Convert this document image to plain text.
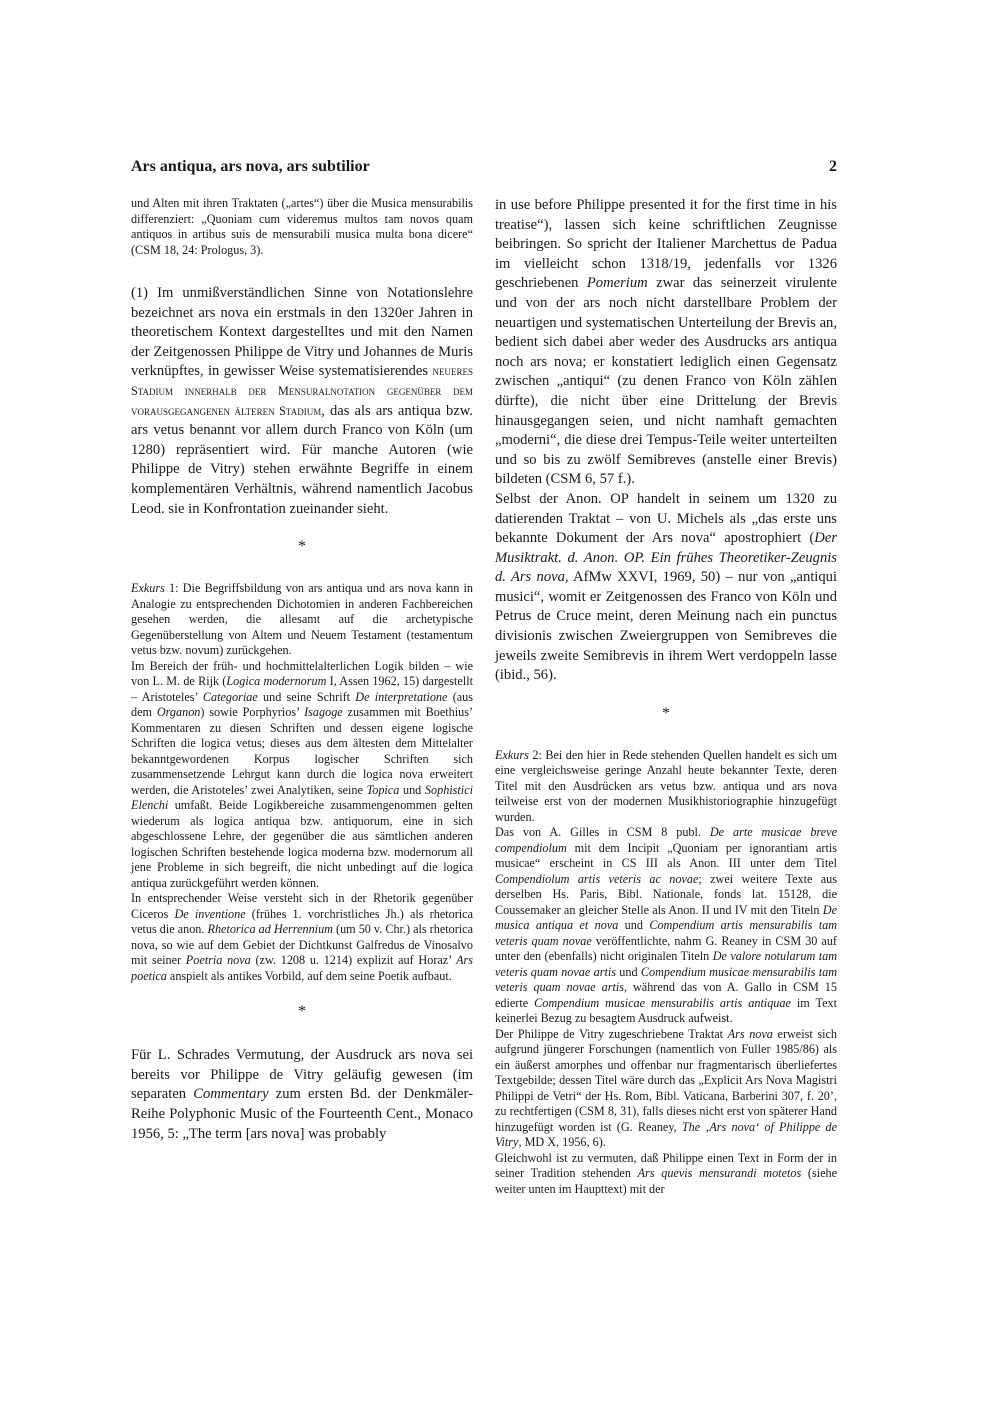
Ars antiqua, ars nova, ars subtilior	2

und Alten mit ihren Traktaten („artes“) über die Musica mensurabilis differenziert: „Quoniam cum videremus multos tam novos quam antiquos in artibus suis de mensurabili musica multa bona dicere“ (CSM 18, 24: Prologus, 3).

(1) Im unmißverständlichen Sinne von Notationslehre bezeichnet ars nova ein erstmals in den 1320er Jahren in theoretischem Kontext dargestelltes und mit den Namen der Zeitgenossen Philippe de Vitry und Johannes de Muris verknüpftes, in gewisser Weise systematisierendes neueres Stadium innerhalb der Mensuralnotation gegenüber dem vorausgegangenen älteren Stadium, das als ars antiqua bzw. ars vetus benannt vor allem durch Franco von Köln (um 1280) repräsentiert wird. Für manche Autoren (wie Philippe de Vitry) stehen erwähnte Begriffe in einem komplementären Verhältnis, während namentlich Jacobus Leod. sie in Konfrontation zueinander sieht.

*

Exkurs 1: Die Begriffsbildung von ars antiqua und ars nova kann in Analogie zu entsprechenden Dichotomien in anderen Fachbereichen gesehen werden, die allesamt auf die archetypische Gegenüberstellung von Altem und Neuem Testament (testamentum vetus bzw. novum) zurückgehen.

Im Bereich der früh- und hochmittelalterlichen Logik bilden – wie von L. M. de Rijk (Logica modernorum I, Assen 1962, 15) dargestellt – Aristoteles’ Categoriae und seine Schrift De interpretatione (aus dem Organon) sowie Porphyrios’ Isagoge zusammen mit Boethius’ Kommentaren zu diesen Schriften und dessen eigene logische Schriften die logica vetus; dieses aus dem ältesten dem Mittelalter bekanntgewordenen Korpus logischer Schriften sich zusammensetzende Lehrgut kann durch die logica nova erweitert werden, die Aristoteles’ zwei Analytiken, seine Topica und Sophistici Elenchi umfaßt. Beide Logikbereiche zusammengenommen gelten wiederum als logica antiqua bzw. antiquorum, eine in sich abgeschlossene Lehre, der gegenüber die aus sämtlichen anderen logischen Schriften bestehende logica moderna bzw. modernorum all jene Probleme in sich begreift, die nicht unbedingt auf die logica antiqua zurückgeführt werden können.

In entsprechender Weise versteht sich in der Rhetorik gegenüber Ciceros De inventione (frühes 1. vorchristliches Jh.) als rhetorica vetus die anon. Rhetorica ad Herrennium (um 50 v. Chr.) als rhetorica nova, so wie auf dem Gebiet der Dichtkunst Galfredus de Vinosalvo mit seiner Poetria nova (zw. 1208 u. 1214) explizit auf Horaz’ Ars poetica anspielt als antikes Vorbild, auf dem seine Poetik aufbaut.

*

Für L. Schrades Vermutung, der Ausdruck ars nova sei bereits vor Philippe de Vitry geläufig gewesen (im separaten Commentary zum ersten Bd. der Denkmäler-Reihe Polyphonic Music of the Fourteenth Cent., Monaco 1956, 5: „The term [ars nova] was probably

in use before Philippe presented it for the first time in his treatise“), lassen sich keine schriftlichen Zeugnisse beibringen. So spricht der Italiener Marchettus de Padua im vielleicht schon 1318/19, jedenfalls vor 1326 geschriebenen Pomerium zwar das seinerzeit virulente und von der ars noch nicht darstellbare Problem der neuartigen und systematischen Unterteilung der Brevis an, bedient sich dabei aber weder des Ausdrucks ars antiqua noch ars nova; er konstatiert lediglich einen Gegensatz zwischen „antiqui“ (zu denen Franco von Köln zählen dürfte), die nicht über eine Drittelung der Brevis hinausgegangen seien, und nicht namhaft gemachten „moderni“, die diese drei Tempus-Teile weiter unterteilten und so bis zu zwölf Semibreves (anstelle einer Brevis) bildeten (CSM 6, 57 f.).

Selbst der Anon. OP handelt in seinem um 1320 zu datierenden Traktat – von U. Michels als „das erste uns bekannte Dokument der Ars nova“ apostrophiert (Der Musiktrakt. d. Anon. OP. Ein frühes Theoretiker-Zeugnis d. Ars nova, AfMw XXVI, 1969, 50) – nur von „antiqui musici“, womit er Zeitgenossen des Franco von Köln und Petrus de Cruce meint, deren Meinung nach ein punctus divisionis zwischen Zweiergruppen von Semibreves die jeweils zweite Semibrevis in ihrem Wert verdoppeln lasse (ibid., 56).

*

Exkurs 2: Bei den hier in Rede stehenden Quellen handelt es sich um eine vergleichsweise geringe Anzahl heute bekannter Texte, deren Titel mit den Ausdrücken ars vetus bzw. antiqua und ars nova teilweise erst von der modernen Musikhistoriographie hinzugefügt wurden.

Das von A. Gilles in CSM 8 publ. De arte musicae breve compendiolum mit dem Incipit „Quoniam per ignorantiam artis musicae“ erscheint in CS III als Anon. III unter dem Titel Compendiolum artis veteris ac novae; zwei weitere Texte aus derselben Hs. Paris, Bibl. Nationale, fonds lat. 15128, die Coussemaker an gleicher Stelle als Anon. II und IV mit den Titeln De musica antiqua et nova und Compendium artis mensurabilis tam veteris quam novae veröffentlichte, nahm G. Reaney in CSM 30 auf unter den (ebenfalls) nicht originalen Titeln De valore notularum tam veteris quam novae artis und Compendium musicae mensurabilis tam veteris quam novae artis, während das von A. Gallo in CSM 15 edierte Compendium musicae mensurabilis artis antiquae im Text keinerlei Bezug zu besagtem Ausdruck aufweist.

Der Philippe de Vitry zugeschriebene Traktat Ars nova erweist sich aufgrund jüngerer Forschungen (namentlich von Fuller 1985/86) als ein äußerst amorphes und offenbar nur fragmentarisch überliefertes Textgebilde; dessen Titel wäre durch das „Explicit Ars Nova Magistri Philippi de Vetri“ der Hs. Rom, Bibl. Vaticana, Barberini 307, f. 20’, zu rechtfertigen (CSM 8, 31), falls dieses nicht erst von späterer Hand hinzugefügt worden ist (G. Reaney, The ‚Ars nova‘ of Philippe de Vitry, MD X, 1956, 6).

Gleichwohl ist zu vermuten, daß Philippe einen Text in Form der in seiner Tradition stehenden Ars quevis mensurandi motetos (siehe weiter unten im Haupttext) mit der
